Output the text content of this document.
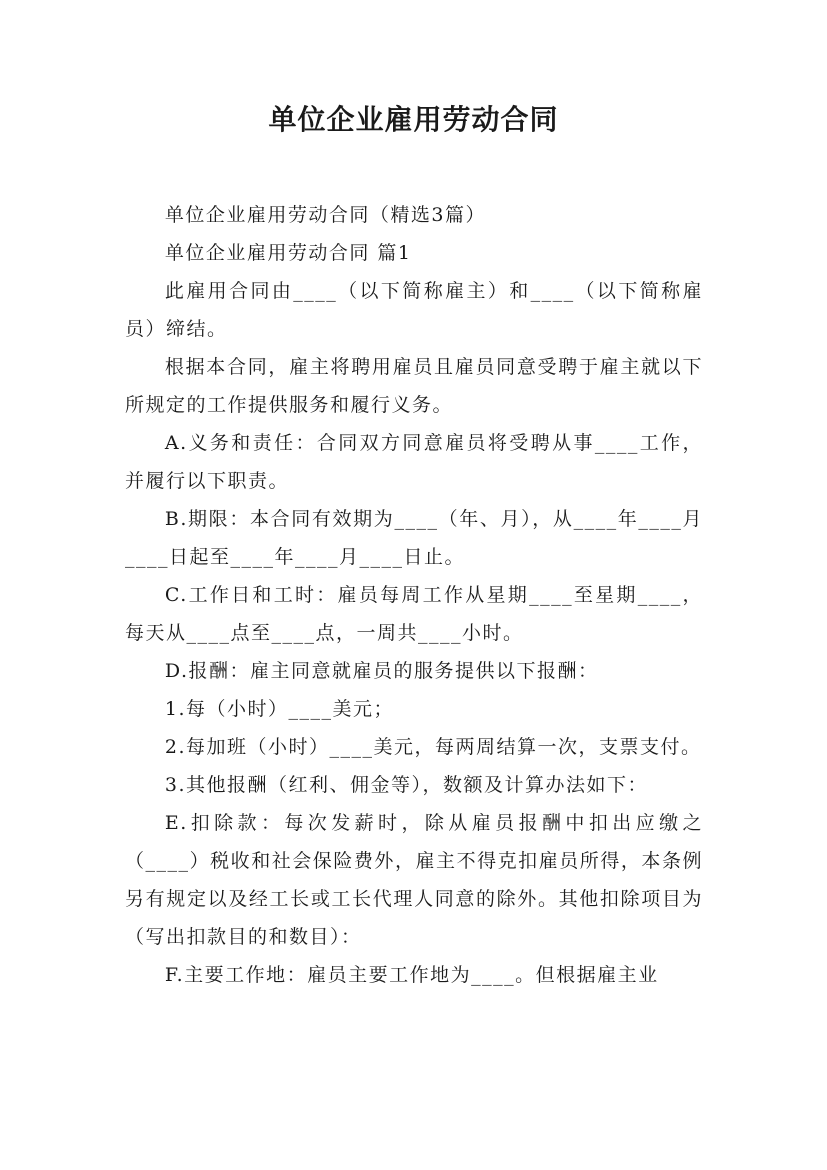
单位企业雇用劳动合同

单位企业雇用劳动合同（精选3篇）

单位企业雇用劳动合同 篇1

此雇用合同由____（以下简称雇主）和____（以下简称雇员）缔结。

根据本合同，雇主将聘用雇员且雇员同意受聘于雇主就以下所规定的工作提供服务和履行义务。

A.义务和责任：合同双方同意雇员将受聘从事____工作，并履行以下职责。

B.期限：本合同有效期为____（年、月），从____年____月____日起至____年____月____日止。

C.工作日和工时：雇员每周工作从星期____至星期____，每天从____点至____点，一周共____小时。

D.报酬：雇主同意就雇员的服务提供以下报酬：

1.每（小时）____美元；

2.每加班（小时）____美元，每两周结算一次，支票支付。

3.其他报酬（红利、佣金等），数额及计算办法如下：

E.扣除款：每次发薪时，除从雇员报酬中扣出应缴之（____）税收和社会保险费外，雇主不得克扣雇员所得，本条例另有规定以及经工长或工长代理人同意的除外。其他扣除项目为（写出扣款目的和数目）：

F.主要工作地：雇员主要工作地为____。但根据雇主业
